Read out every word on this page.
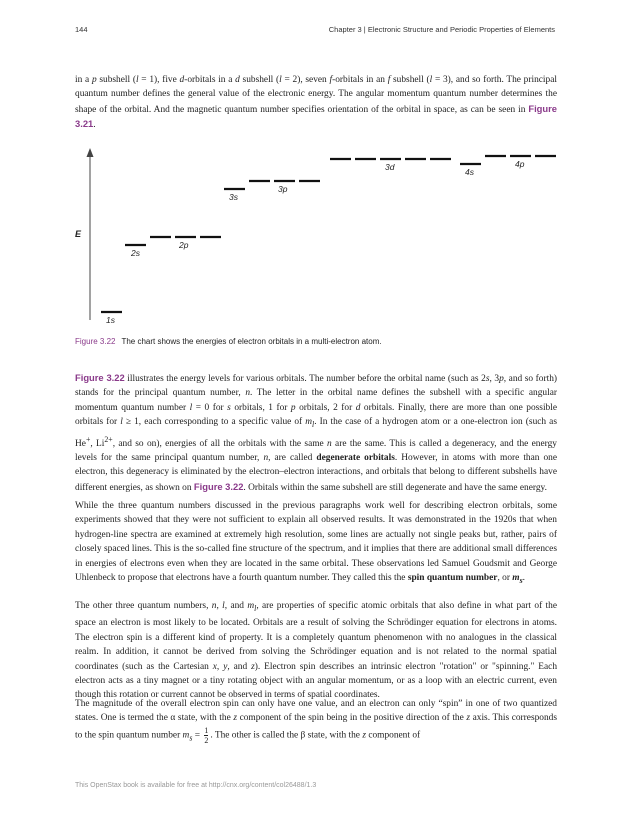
144	Chapter 3 | Electronic Structure and Periodic Properties of Elements

in a p subshell (l = 1), five d-orbitals in a d subshell (l = 2), seven f-orbitals in an f subshell (l = 3), and so forth. The principal quantum number defines the general value of the electronic energy. The angular momentum quantum number determines the shape of the orbital. And the magnetic quantum number specifies orientation of the orbital in space, as can be seen in Figure 3.21.

E
1s
2s
2p
3s
3p
3d	4s
4p
Figure 3.22 The chart shows the energies of electron orbitals in a multi-electron atom.

Figure 3.22 illustrates the energy levels for various orbitals. The number before the orbital name (such as 2s, 3p, and so forth) stands for the principal quantum number, n. The letter in the orbital name defines the subshell with a specific angular momentum quantum number l = 0 for s orbitals, 1 for p orbitals, 2 for d orbitals. Finally, there are more than one possible orbitals for l ≥ 1, each corresponding to a specific value of $m_l$. In the case of a hydrogen atom or a one-electron ion (such as He+, $Li^{2+}$, and so on), energies of all the orbitals with the same n are the same. This is called a degeneracy, and the energy levels for the same principal quantum number, n, are called degenerate orbitals. However, in atoms with more than one electron, this degeneracy is eliminated by the electron–electron interactions, and orbitals that belong to different subshells have different energies, as shown on Figure 3.22. Orbitals within the same subshell are still degenerate and have the same energy.

While the three quantum numbers discussed in the previous paragraphs work well for describing electron orbitals, some experiments showed that they were not sufficient to explain all observed results. It was demonstrated in the 1920s that when hydrogen-line spectra are examined at extremely high resolution, some lines are actually not single peaks but, rather, pairs of closely spaced lines. This is the so-called fine structure of the spectrum, and it implies that there are additional small differences in energies of electrons even when they are located in the same orbital. These observations led Samuel Goudsmit and George Uhlenbeck to propose that electrons have a fourth quantum number. They called this the spin quantum number, or $m_s$.

The other three quantum numbers, n, l, and $m_l$, are properties of specific atomic orbitals that also define in what part of the space an electron is most likely to be located. Orbitals are a result of solving the Schrödinger equation for electrons in atoms. The electron spin is a different kind of property. It is a completely quantum phenomenon with no analogues in the classical realm. In addition, it cannot be derived from solving the Schrödinger equation and is not related to the normal spatial coordinates (such as the Cartesian x, y, and z). Electron spin describes an intrinsic electron "rotation" or "spinning." Each electron acts as a tiny magnet or a tiny rotating object with an angular momentum, or as a loop with an electric current, even though this rotation or current cannot be observed in terms of spatial coordinates.

The magnitude of the overall electron spin can only have one value, and an electron can only “spin” in one of two quantized states. One is termed the α state, with the z component of the spin being in the positive direction of the z axis. This corresponds to the spin quantum number $m_s = \frac{1}{2}$ . The other is called the β state, with the z component of

This OpenStax book is available for free at http://cnx.org/content/col26488/1.3
